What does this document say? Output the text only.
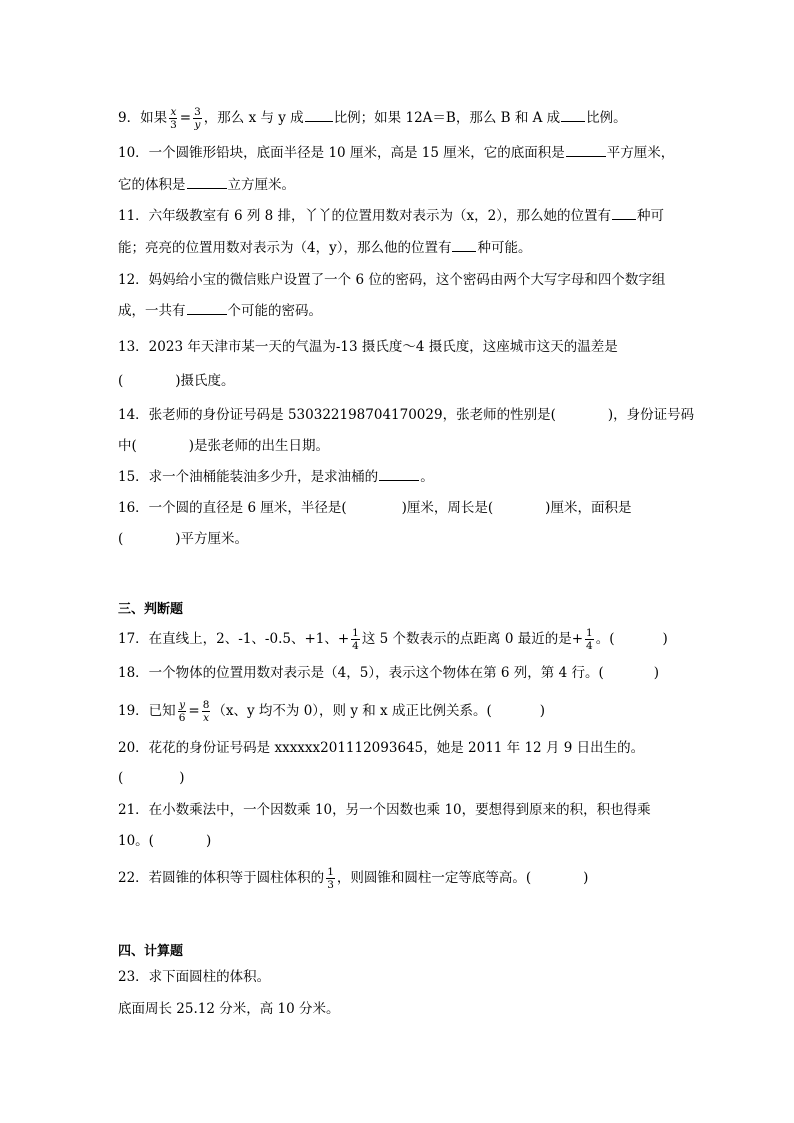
9．如果 $\frac{x}{3} = \frac{3}{y}$ ，那么 x 与 y 成 比例；如果 12A＝B，那么 B 和 A 成 比例。
10．一个圆锥形铅块，底面半径是 10 厘米，高是 15 厘米，它的底面积是	平方厘米，
它的体积是	立方厘米。
11．六年级教室有 6 列 8 排，丫丫的位置用数对表示为（x，2），那么她的位置有 种可
能；亮亮的位置用数对表示为（4，y），那么他的位置有 种可能。
12．妈妈给小宝的微信账户设置了一个 6 位的密码，这个密码由两个大写字母和四个数字组
成，一共有	个可能的密码。
13．2023 年天津市某一天的气温为-13 摄氏度～4 摄氏度，这座城市这天的温差是
(	)摄氏度。
14．张老师的身份证号码是 530322198704170029，张老师的性别是(	)，身份证号码
中(	)是张老师的出生日期。
15．求一个油桶能装油多少升，是求油桶的	。
16．一个圆的直径是 6 厘米，半径是(	)厘米，周长是(	)厘米，面积是
(	)平方厘米。
三、判断题
17．在直线上，2、-1、-0.5、+1、+ $\frac{1}{4}$ 这 5 个数表示的点距离 0 最近的是+ $\frac{1}{4}$ 。(	)
18．一个物体的位置用数对表示是（4，5），表示这个物体在第 6 列，第 4 行。(	)
19．已知 $\frac{y}{6} = \frac{8}{x} (x$、y 均不为 0），则 y 和 x 成正比例关系。(	)
20．花花的身份证号码是 xxxxxx201112093645，她是 2011 年 12 月 9 日出生的。
(	)
21．在小数乘法中，一个因数乘 10，另一个因数也乘 10，要想得到原来的积，积也得乘
10。(	)
22．若圆锥的体积等于圆柱体积的 $\frac{1}{3}$ ，则圆锥和圆柱一定等底等高。(	)
四、计算题
23．求下面圆柱的体积。
底面周长 25.12 分米，高 10 分米。
